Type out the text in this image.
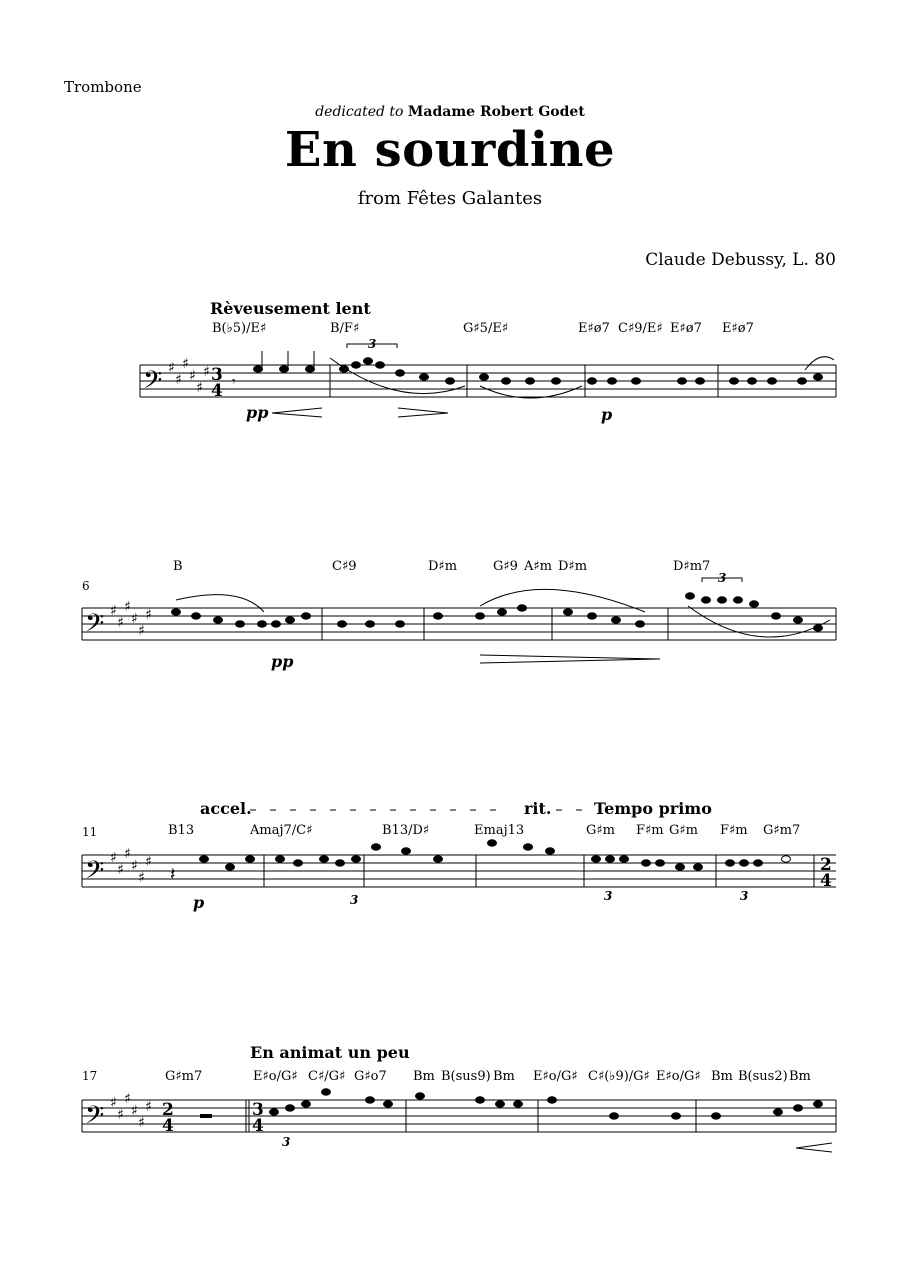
Trombone
dedicated to Madame Robert Godet
En sourdine
from Fêtes Galantes
Claude Debussy, L. 80
Rèveusement lent
B(♭5)/E♯	B/F♯	G♯5/E♯	E♯ø7 C♯9/E♯ E♯ø7 E♯ø7
𝄢 ♯
♯
♯
♯
♯
♯ 3
4 𝄾
3
pp	p
6
B	C♯9	D♯m	G♯9 A♯m D♯m	D♯m7
𝄢 ♯
♯
♯
♯
♯
♯
3
pp
accel.	rit.	Tempo primo
11	B13	Amaj7/C♯	B13/D♯	Emaj13	G♯m F♯m G♯m F♯m G♯m7
𝄢 ♯
♯
♯
♯
♯
♯
𝄽
3	3	3
p
2
4
En animat un peu
17	G♯m7	E♯o/G♯ C♯/G♯ G♯o7 Bm B(sus9) Bm E♯o/G♯ C♯(♭9)/G♯ E♯o/G♯ Bm B(sus2) Bm
𝄢 ♯
♯
♯
♯
♯
♯ 2
4
3
4
3
